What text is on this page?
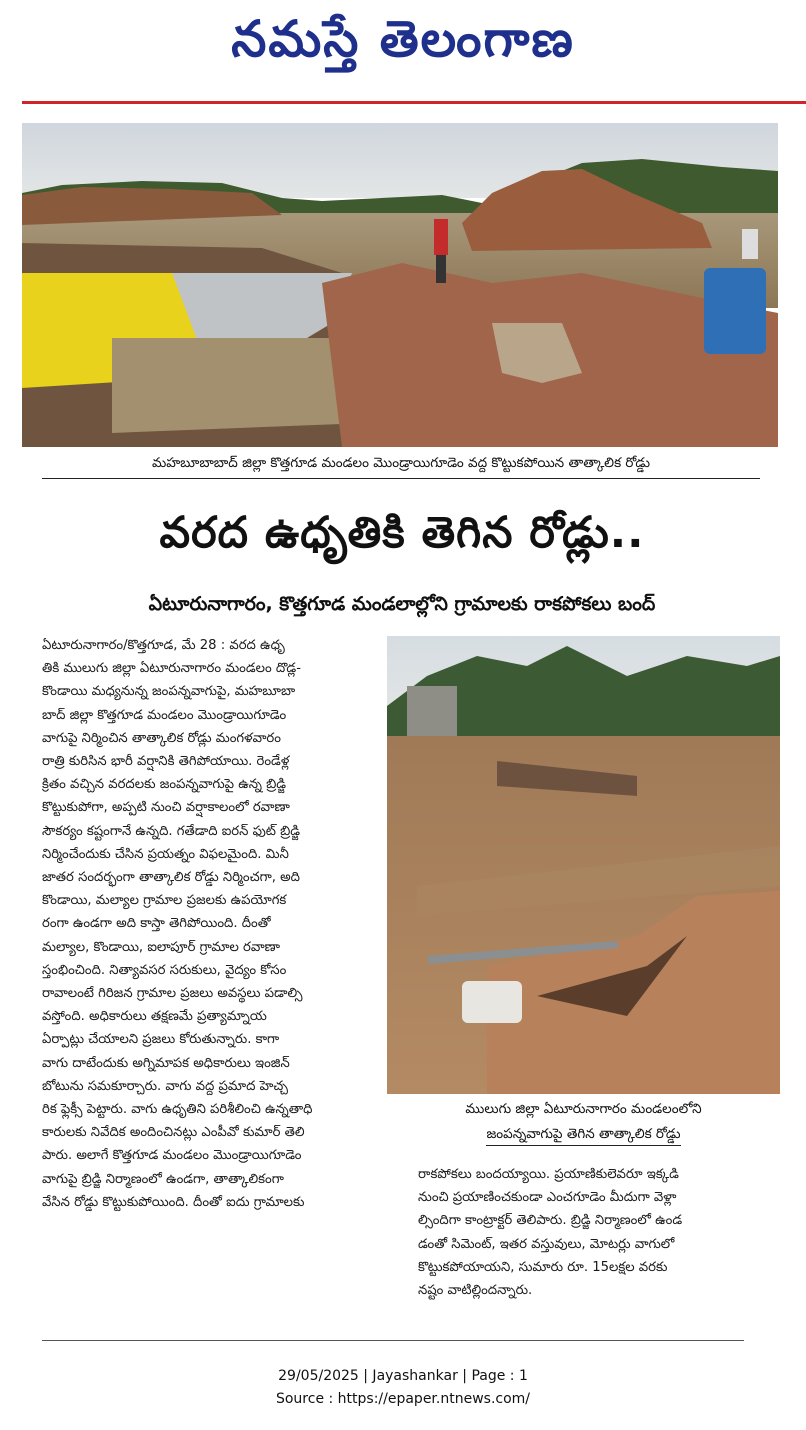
నమస్తే తెలంగాణ
మహబూబాబాద్‌ జిల్లా కొత్తగూడ మండలం మొండ్రాయిగూడెం వద్ద కొట్టుకపోయిన తాత్కాలిక రోడ్డు
వరద ఉధృతికి తెగిన రోడ్లు..
ఏటూరునాగారం, కొత్తగూడ మండలాల్లోని గ్రామాలకు రాకపోకలు బంద్‌
ఏటూరునాగారం/కొత్తగూడ, మే 28 : వరద ఉధృ
తికి ములుగు జిల్లా ఏటూరునాగారం మండలం దొడ్ల-
కొండాయి మధ్యనున్న జంపన్నవాగుపై, మహబూబా
బాద్‌ జిల్లా కొత్తగూడ మండలం మొండ్రాయిగూడెం
వాగుపై నిర్మించిన తాత్కాలిక రోడ్లు మంగళవారం
రాత్రి కురిసిన భారీ వర్షానికి తెగిపోయాయి. రెండేళ్ల
క్రితం వచ్చిన వరదలకు జంపన్నవాగుపై ఉన్న బ్రిడ్జి
కొట్టుకుపోగా, అప్పటి నుంచి వర్షాకాలంలో రవాణా
సౌకర్యం కష్టంగానే ఉన్నది. గతేడాది ఐరన్‌ ఫుట్‌ బ్రిడ్జి
నిర్మించేందుకు చేసిన ప్రయత్నం విఫలమైంది. మినీ
జాతర సందర్భంగా తాత్కాలిక రోడ్డు నిర్మించగా, అది
కొండాయి, మల్యాల గ్రామాల ప్రజలకు ఉపయోగక
రంగా ఉండగా అది కాస్తా తెగిపోయింది. దీంతో
మల్యాల, కొండాయి, ఐలాపూర్‌ గ్రామాల రవాణా
స్తంభించింది. నిత్యావసర సరుకులు, వైద్యం కోసం
రావాలంటే గిరిజన గ్రామాల ప్రజలు అవస్థలు పడాల్సి
వస్తోంది. అధికారులు తక్షణమే ప్రత్యామ్నాయ
ఏర్పాట్లు చేయాలని ప్రజలు కోరుతున్నారు. కాగా
వాగు దాటేందుకు అగ్నిమాపక అధికారులు ఇంజిన్‌
బోటును సమకూర్చారు. వాగు వద్ద ప్రమాద హెచ్చ
రిక ఫ్లెక్సీ పెట్టారు. వాగు ఉధృతిని పరిశీలించి ఉన్నతాధి
కారులకు నివేదిక అందించినట్లు ఎంపీవో కుమార్‌ తెలి
పారు. అలాగే కొత్తగూడ మండలం మొండ్రాయిగూడెం
వాగుపై బ్రిడ్జి నిర్మాణంలో ఉండగా, తాత్కాలికంగా
వేసిన రోడ్డు కొట్టుకుపోయింది. దీంతో ఐదు గ్రామాలకు
ములుగు జిల్లా ఏటూరునాగారం మండలంలోని
జంపన్నవాగుపై తెగిన తాత్కాలిక రోడ్డు
రాకపోకలు బందయ్యాయి. ప్రయాణికులెవరూ ఇక్కడి
నుంచి ప్రయాణించకుండా ఎంచగూడెం మీదుగా వెళ్లా
ల్సిందిగా కాంట్రాక్టర్‌ తెలిపారు. బ్రిడ్జి నిర్మాణంలో ఉండ
డంతో సిమెంట్‌, ఇతర వస్తువులు, మోటర్లు వాగులో
కొట్టుకపోయాయని, సుమారు రూ. 15లక్షల వరకు
నష్టం వాటిల్లిందన్నారు.
29/05/2025 | Jayashankar | Page : 1
Source : https://epaper.ntnews.com/
